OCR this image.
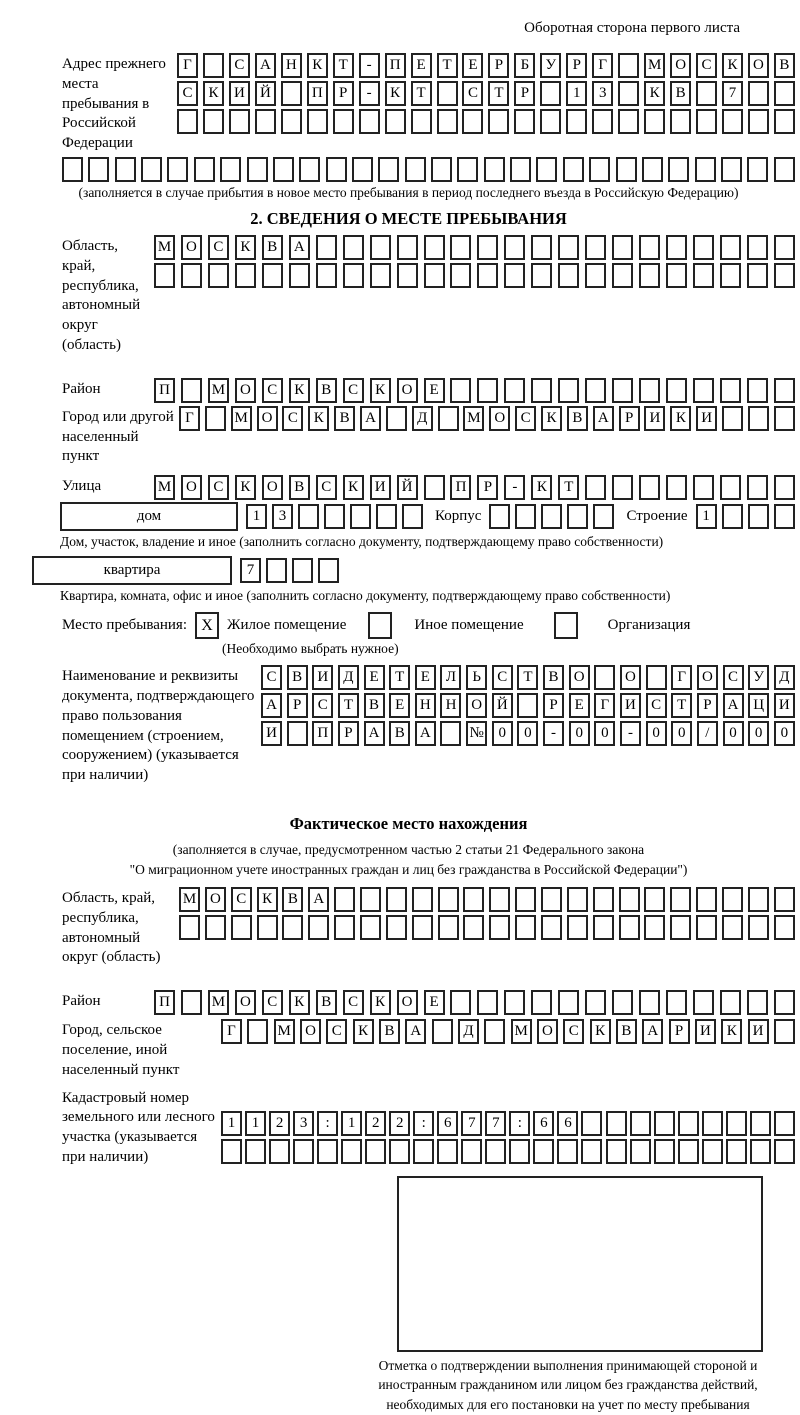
Оборотная сторона первого листа
Адрес прежнего места пребывания в Российской Федерации
Г	С	А	Н	К	Т	-	П	Е	Т	Е	Р	Б	У	Р	Г	М О	С	К	О	В
С	К	И	Й	П	Р	-	К	Т	С	Т	Р	1	3	К	В	7
(заполняется в случае прибытия в новое место пребывания в период последнего въезда в Российскую Федерацию)
2. СВЕДЕНИЯ О МЕСТЕ ПРЕБЫВАНИЯ
Область, край, республика, автономный округ (область)
М О	С	К	В	А
Район	П	М О	С	К	В	С	К	О	Е
Город или другой населенный пункт
Г	М О	С	К	В	А	Д	М О	С	К	В	А	Р	И	К	И
Улица	М О	С	К	О	В	С	К	И	Й	П	Р	-	К	Т
дом	1	3	Корпус	Строение 1
Дом, участок, владение и иное (заполнить согласно документу, подтверждающему право собственности)
квартира	7
Квартира, комната, офис и иное (заполнить согласно документу, подтверждающему право собственности)
Место пребывания: X Жилое помещение	Иное помещение	Организация
(Необходимо выбрать нужное)
Наименование и реквизиты документа, подтверждающего право пользования помещением (строением, сооружением) (указывается при наличии)
С	В	И	Д	Е	Т	Е	Л	Ь	С	Т	В	О	О	Г	О	С	У	Д
А	Р	С	Т	В	Е	Н Н О Й	Р	Е	Г	И	С	Т	Р	А Ц И
И	П	Р	А	В	А	№ 0	0	-	0	0	-	0	0	/	0	0	0
Фактическое место нахождения
(заполняется в случае, предусмотренном частью 2 статьи 21 Федерального закона
"О миграционном учете иностранных граждан и лиц без гражданства в Российской Федерации")
Область, край, республика, автономный округ (область)
М О	С	К	В	А
Район	П	М О	С	К	В	С	К	О	Е
Город, сельское поселение, иной населенный пункт
Г	М О	С	К	В	А	Д	М О	С	К	В	А	Р	И	К	И
Кадастровый номер земельного или лесного участка (указывается при наличии)
1	1	2	3	:	1	2	2	:	6	7	7	:	6	6
Отметка о подтверждении выполнения принимающей стороной и иностранным гражданином или лицом без гражданства действий, необходимых для его постановки на учет по месту пребывания
